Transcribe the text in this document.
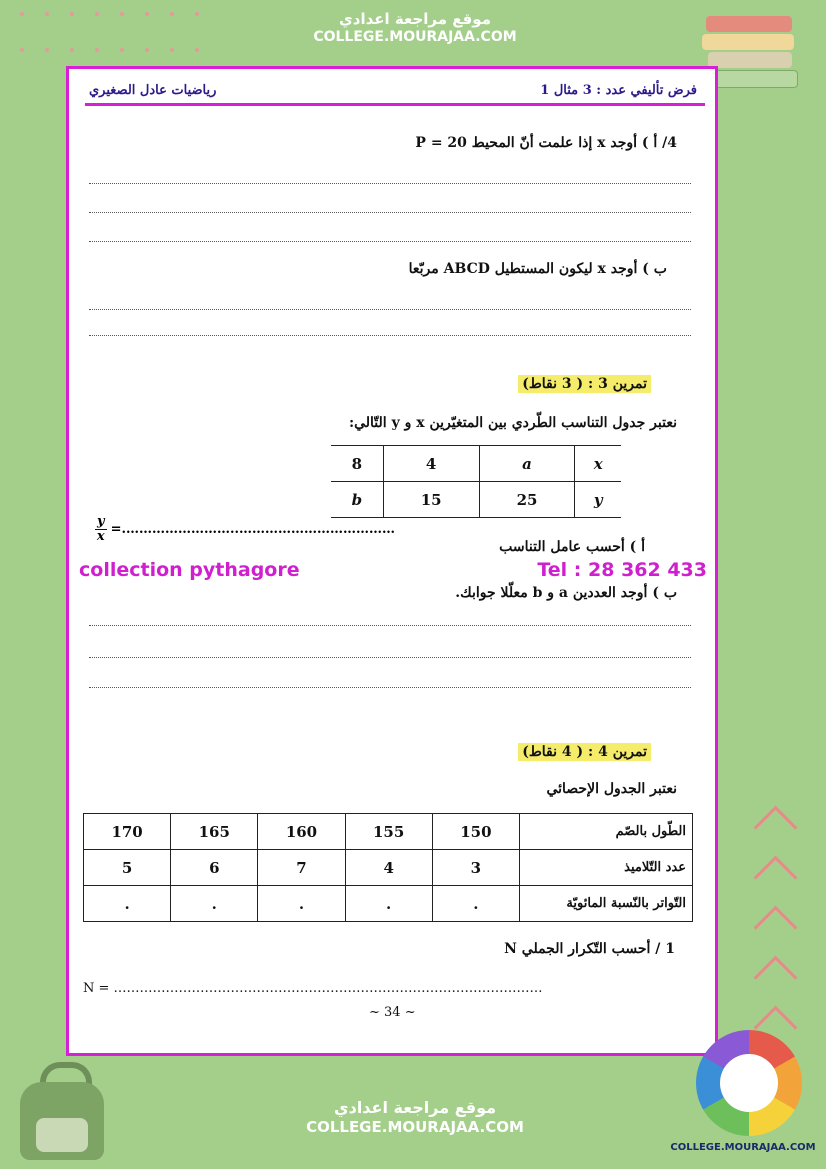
موقع مراجعة اعدادي
COLLEGE.MOURAJAA.COM
فرض تأليفي عدد : 3 مثال 1
رياضيات عادل الصغيري
4/ أ ) أوجد x إذا علمت أنّ المحيط P = 20
ب ) أوجد x ليكون المستطيل ABCD مربّعا
تمرين 3 : ( 3 نقاط)
نعتبر جدول التناسب الطّردي بين المتغيّرين x و y التّالي:
8	4	a	x
b	15	25	y
$\frac{y}{x}$ =.……………………..………………………………
أ ) أحسب عامل التناسب
collection pythagore	Tel : 28 362 433
ب ) أوجد العددين a و b معلّلا جوابك.
تمرين 4 : ( 4 نقاط)
نعتبر الجدول الإحصائي
170	165	160	155	150	الطّول بالصّم
5	6	7	4	3	عدد التّلاميذ
.	.	.	.	.	التّواتر بالنّسبة المائويّة
1 / أحسب التّكرار الجملي N
N = ………………………………………………………………………………………
~ 34 ~
موقع مراجعة اعدادي
COLLEGE.MOURAJAA.COM
COLLEGE.MOURAJAA.COM
